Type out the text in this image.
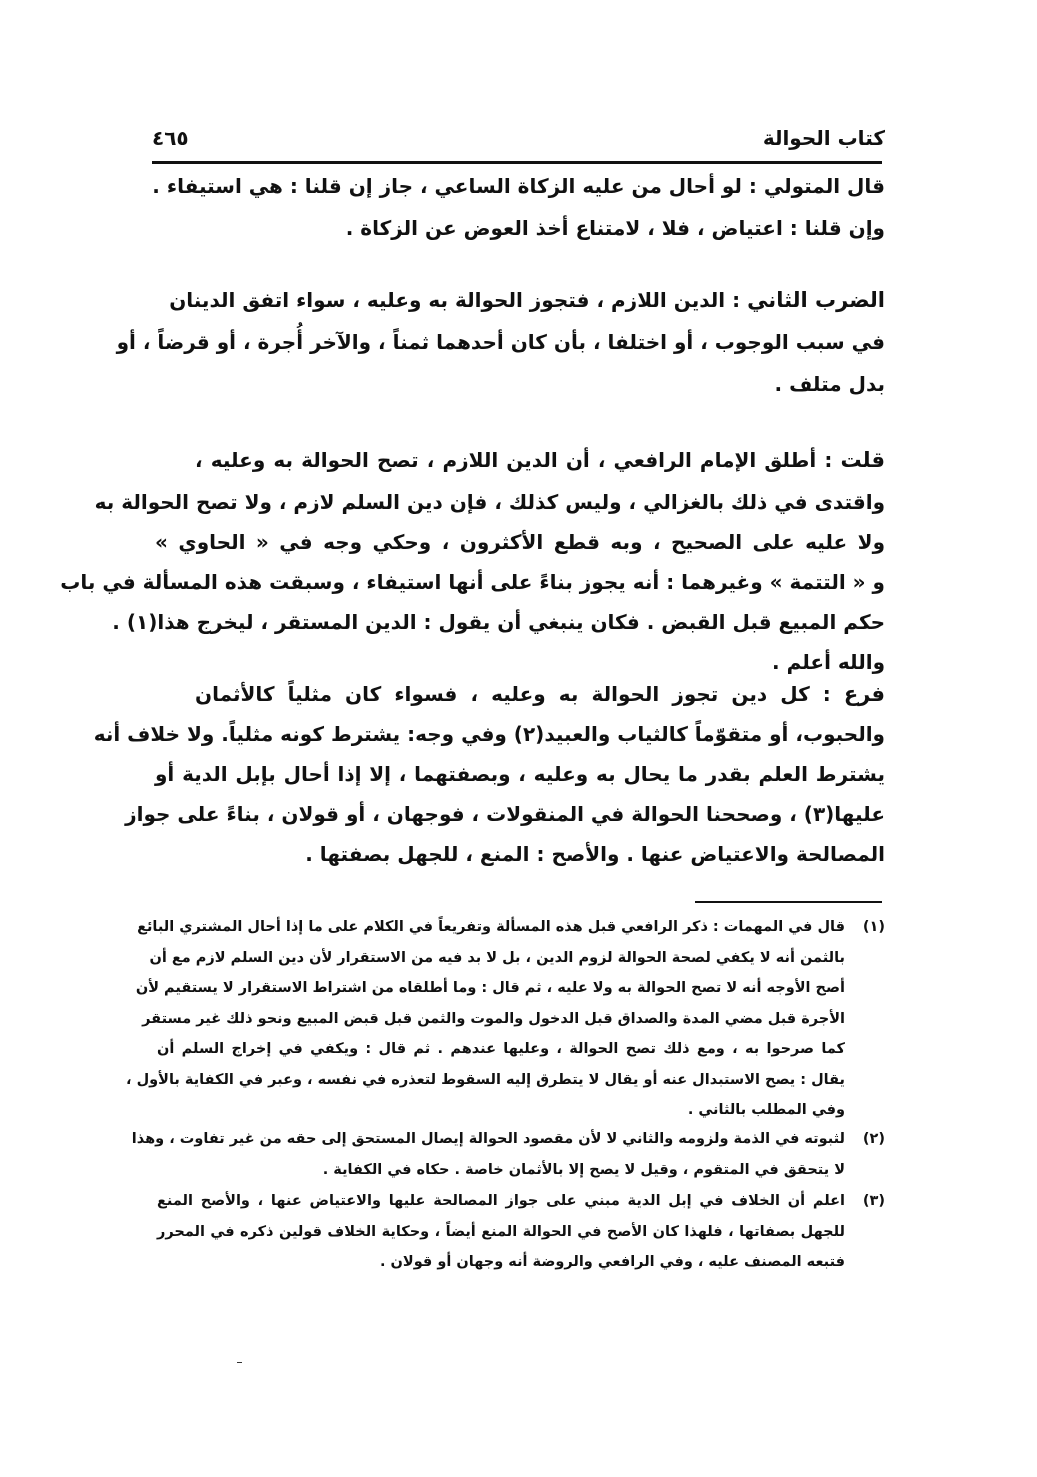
كتاب الحوالة
٤٦٥
قال المتولي : لو أحال من عليه الزكاة الساعي ، جاز إن قلنا : هي استيفاء .
وإن قلنا : اعتياض ، فلا ، لامتناع أخذ العوض عن الزكاة .
الضرب الثاني : الدين اللازم ، فتجوز الحوالة به وعليه ، سواء اتفق الدينان
في سبب الوجوب ، أو اختلفا ، بأن كان أحدهما ثمناً ، والآخر أُجرة ، أو قرضاً ، أو
بدل متلف .
قلت : أطلق الإمام الرافعي ، أن الدين اللازم ، تصح الحوالة به وعليه ،
واقتدى في ذلك بالغزالي ، وليس كذلك ، فإن دين السلم لازم ، ولا تصح الحوالة به
ولا عليه على الصحيح ، وبه قطع الأكثرون ، وحكي وجه في « الحاوي »
و « التتمة » وغيرهما : أنه يجوز بناءً على أنها استيفاء ، وسبقت هذه المسألة في باب
حكم المبيع قبل القبض . فكان ينبغي أن يقول : الدين المستقر ، ليخرج هذا(١) .
والله أعلم .
فرع : كل دين تجوز الحوالة به وعليه ، فسواء كان مثلياً كالأثمان
والحبوب، أو متقوّماً كالثياب والعبيد(٢) وفي وجه: يشترط كونه مثلياً. ولا خلاف أنه
يشترط العلم بقدر ما يحال به وعليه ، وبصفتهما ، إلا إذا أحال بإبل الدية أو
عليها(٣) ، وصححنا الحوالة في المنقولات ، فوجهان ، أو قولان ، بناءً على جواز
المصالحة والاعتياض عنها . والأصح : المنع ، للجهل بصفتها .
(١)
قال في المهمات : ذكر الرافعي قبل هذه المسألة وتفريعاً في الكلام على ما إذا أحال المشتري البائع
بالثمن أنه لا يكفي لصحة الحوالة لزوم الدين ، بل لا بد فيه من الاستقرار لأن دين السلم لازم مع أن
أصح الأوجه أنه لا تصح الحوالة به ولا عليه ، ثم قال : وما أطلقاه من اشتراط الاستقرار لا يستقيم لأن
الأجرة قبل مضي المدة والصداق قبل الدخول والموت والثمن قبل قبض المبيع ونحو ذلك غير مستقر
كما صرحوا به ، ومع ذلك تصح الحوالة ، وعليها عندهم . ثم قال : ويكفي في إخراج السلم أن
يقال : يصح الاستبدال عنه أو يقال لا يتطرق إليه السقوط لتعذره في نفسه ، وعبر في الكفاية بالأول ،
وفي المطلب بالثاني .
(٢)
لثبوته في الذمة ولزومه والثاني لا لأن مقصود الحوالة إيصال المستحق إلى حقه من غير تفاوت ، وهذا
لا يتحقق في المتقوم ، وقيل لا يصح إلا بالأثمان خاصة . حكاه في الكفاية .
(٣)
اعلم أن الخلاف في إبل الدية مبني على جواز المصالحة عليها والاعتياض عنها ، والأصح المنع
للجهل بصفاتها ، فلهذا كان الأصح في الحوالة المنع أيضاً ، وحكاية الخلاف قولين ذكره في المحرر
فتبعه المصنف عليه ، وفي الرافعي والروضة أنه وجهان أو قولان .
